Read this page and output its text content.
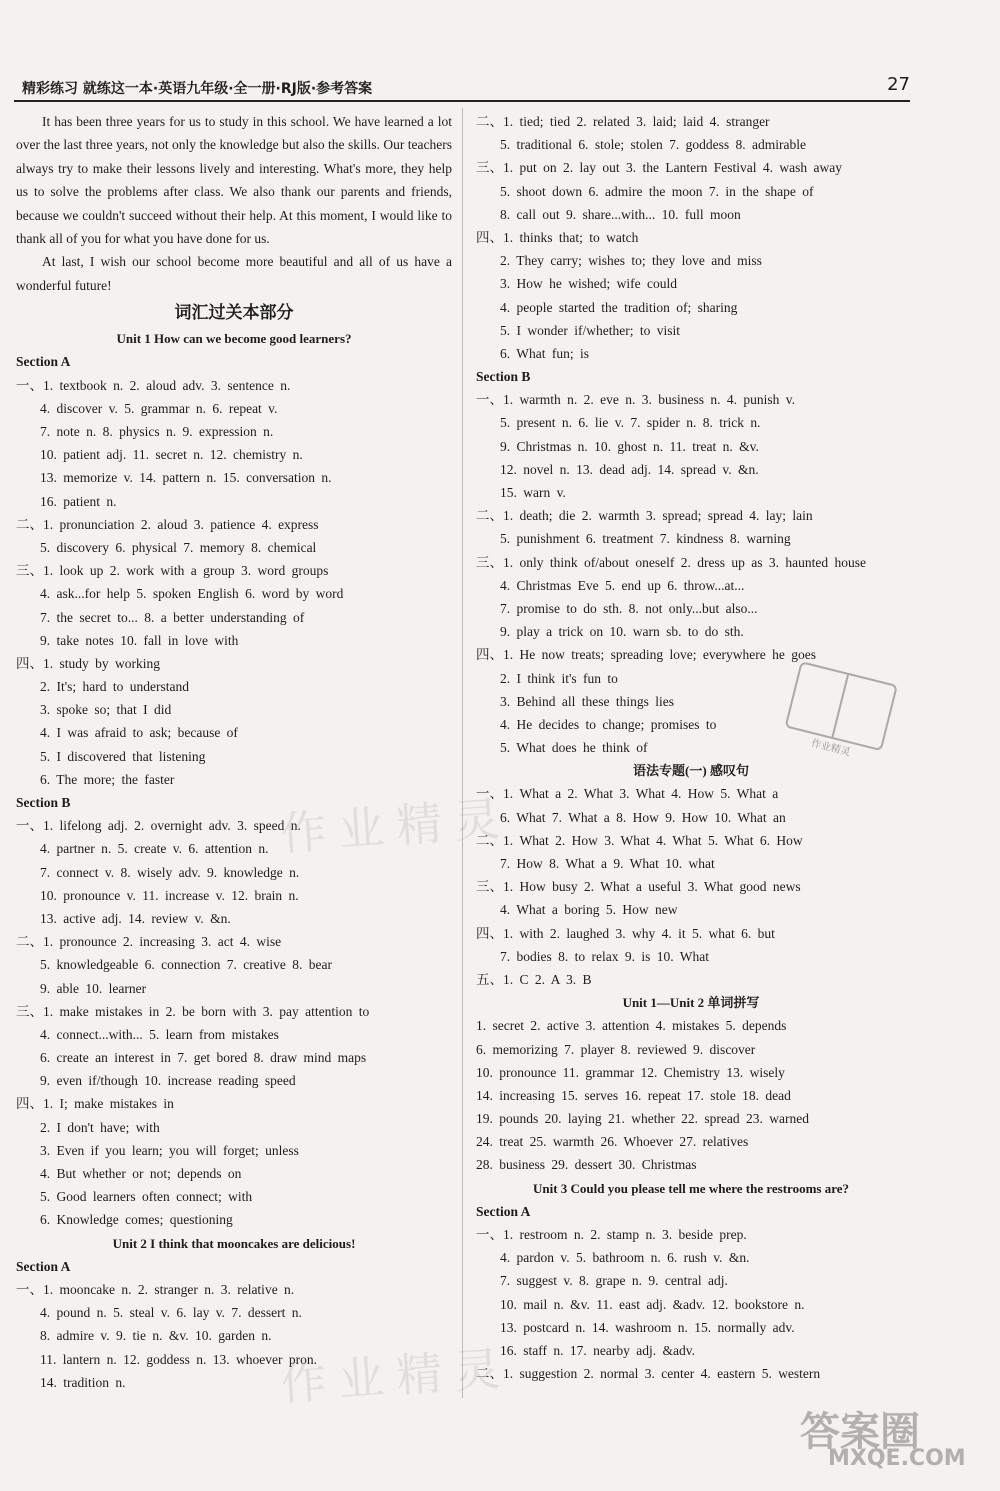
精彩练习 就练这一本·英语九年级·全一册·RJ版·参考答案	27

It has been three years for us to study in this school. We have learned a lot over the last three years, not only the knowledge but also the skills. Our teachers always try to make their lessons lively and interesting. What's more, they help us to solve the problems after class. We also thank our parents and friends, because we couldn't succeed without their help. At this moment, I would like to thank all of you for what you have done for us.

At last, I wish our school become more beautiful and all of us have a wonderful future!

词汇过关本部分
Unit 1 How can we become good learners?
Section A
一、1. textbook n. 2. aloud adv. 3. sentence n.
4. discover v. 5. grammar n. 6. repeat v.
7. note n. 8. physics n. 9. expression n.
10. patient adj. 11. secret n. 12. chemistry n.
13. memorize v. 14. pattern n. 15. conversation n.
16. patient n.
二、1. pronunciation 2. aloud 3. patience 4. express
5. discovery 6. physical 7. memory 8. chemical
三、1. look up 2. work with a group 3. word groups
4. ask...for help 5. spoken English 6. word by word
7. the secret to... 8. a better understanding of
9. take notes 10. fall in love with
四、1. study by working
2. It's; hard to understand
3. spoke so; that I did
4. I was afraid to ask; because of
5. I discovered that listening
6. The more; the faster
Section B
一、1. lifelong adj. 2. overnight adv. 3. speed n.
4. partner n. 5. create v. 6. attention n.
7. connect v. 8. wisely adv. 9. knowledge n.
10. pronounce v. 11. increase v. 12. brain n.
13. active adj. 14. review v. &n.
二、1. pronounce 2. increasing 3. act 4. wise
5. knowledgeable 6. connection 7. creative 8. bear
9. able 10. learner
三、1. make mistakes in 2. be born with 3. pay attention to
4. connect...with... 5. learn from mistakes
6. create an interest in 7. get bored 8. draw mind maps
9. even if/though 10. increase reading speed
四、1. I; make mistakes in
2. I don't have; with
3. Even if you learn; you will forget; unless
4. But whether or not; depends on
5. Good learners often connect; with
6. Knowledge comes; questioning
Unit 2 I think that mooncakes are delicious!
Section A
一、1. mooncake n. 2. stranger n. 3. relative n.
4. pound n. 5. steal v. 6. lay v. 7. dessert n.
8. admire v. 9. tie n. &v. 10. garden n.
11. lantern n. 12. goddess n. 13. whoever pron.
14. tradition n.
二、1. tied; tied 2. related 3. laid; laid 4. stranger
5. traditional 6. stole; stolen 7. goddess 8. admirable
三、1. put on 2. lay out 3. the Lantern Festival 4. wash away
5. shoot down 6. admire the moon 7. in the shape of
8. call out 9. share...with... 10. full moon
四、1. thinks that; to watch
2. They carry; wishes to; they love and miss
3. How he wished; wife could
4. people started the tradition of; sharing
5. I wonder if/whether; to visit
6. What fun; is
Section B
一、1. warmth n. 2. eve n. 3. business n. 4. punish v.
5. present n. 6. lie v. 7. spider n. 8. trick n.
9. Christmas n. 10. ghost n. 11. treat n. &v.
12. novel n. 13. dead adj. 14. spread v. &n.
15. warn v.
二、1. death; die 2. warmth 3. spread; spread 4. lay; lain
5. punishment 6. treatment 7. kindness 8. warning
三、1. only think of/about oneself 2. dress up as 3. haunted house
4. Christmas Eve 5. end up 6. throw...at...
7. promise to do sth. 8. not only...but also...
9. play a trick on 10. warn sb. to do sth.
四、1. He now treats; spreading love; everywhere he goes
2. I think it's fun to
3. Behind all these things lies
4. He decides to change; promises to
5. What does he think of
语法专题(一) 感叹句
一、1. What a 2. What 3. What 4. How 5. What a
6. What 7. What a 8. How 9. How 10. What an
二、1. What 2. How 3. What 4. What 5. What 6. How
7. How 8. What a 9. What 10. what
三、1. How busy 2. What a useful 3. What good news
4. What a boring 5. How new
四、1. with 2. laughed 3. why 4. it 5. what 6. but
7. bodies 8. to relax 9. is 10. What
五、1. C 2. A 3. B
Unit 1—Unit 2 单词拼写
1. secret 2. active 3. attention 4. mistakes 5. depends
6. memorizing 7. player 8. reviewed 9. discover
10. pronounce 11. grammar 12. Chemistry 13. wisely
14. increasing 15. serves 16. repeat 17. stole 18. dead
19. pounds 20. laying 21. whether 22. spread 23. warned
24. treat 25. warmth 26. Whoever 27. relatives
28. business 29. dessert 30. Christmas
Unit 3 Could you please tell me where the restrooms are?
Section A
一、1. restroom n. 2. stamp n. 3. beside prep.
4. pardon v. 5. bathroom n. 6. rush v. &n.
7. suggest v. 8. grape n. 9. central adj.
10. mail n. &v. 11. east adj. &adv. 12. bookstore n.
13. postcard n. 14. washroom n. 15. normally adv.
16. staff n. 17. nearby adj. &adv.
二、1. suggestion 2. normal 3. center 4. eastern 5. western
作业精灵
作业精灵
作业精灵
答案圈
MXQE.COM
